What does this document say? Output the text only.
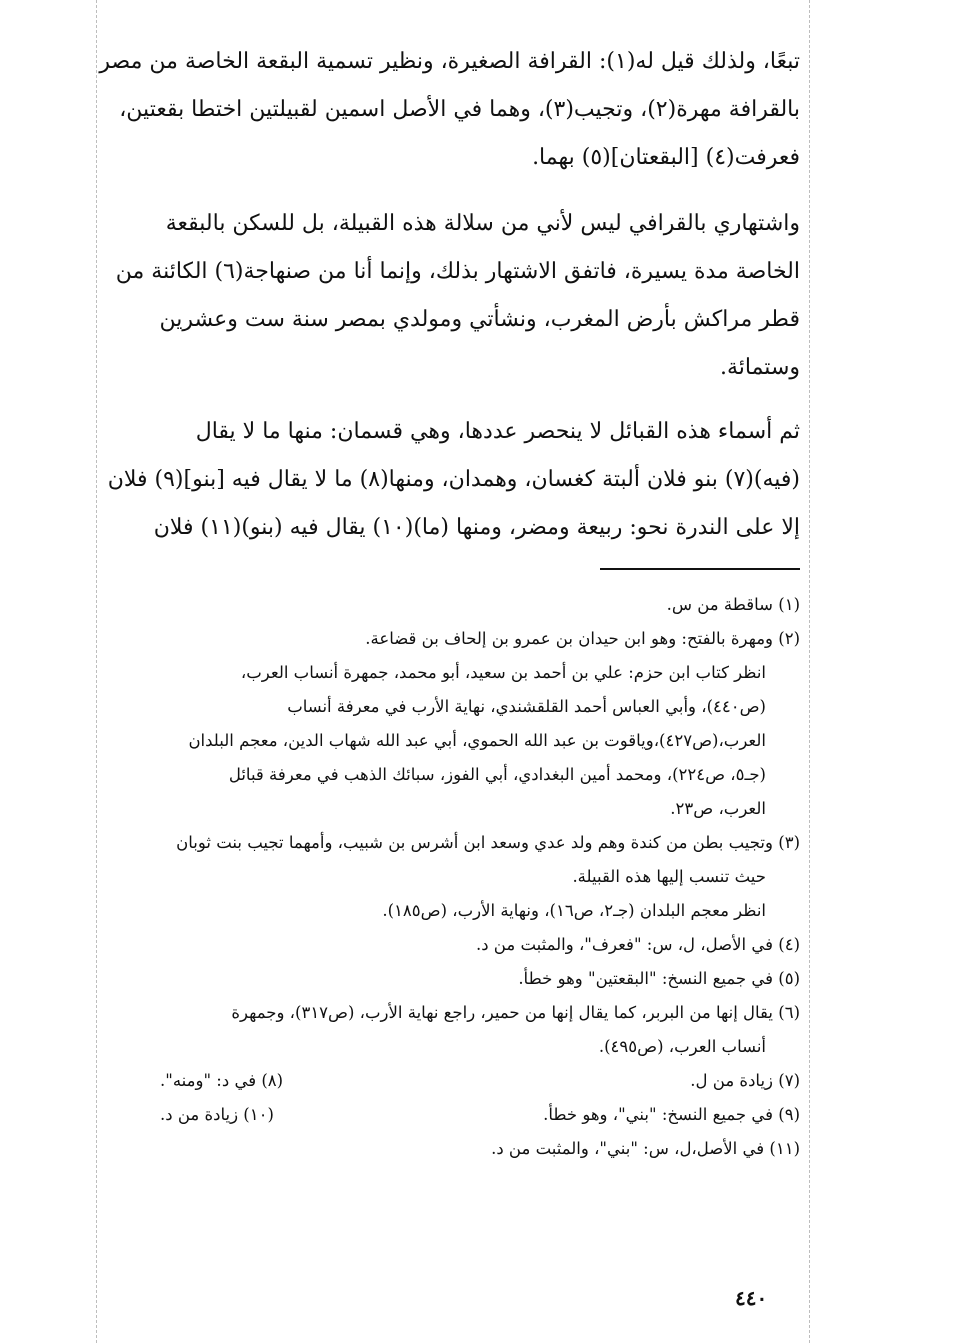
تبعًا، ولذلك قيل له(١): القرافة الصغيرة، ونظير تسمية البقعة الخاصة من مصر

بالقرافة مهرة(٢)، وتجيب(٣)، وهما في الأصل اسمين لقبيلتين اختطا بقعتين،

فعرفت(٤) [البقعتان](٥) بهما.

واشتهاري بالقرافي ليس لأني من سلالة هذه القبيلة، بل للسكن بالبقعة

الخاصة مدة يسيرة، فاتفق الاشتهار بذلك، وإنما أنا من صنهاجة(٦) الكائنة من

قطر مراكش بأرض المغرب، ونشأتي ومولدي بمصر سنة ست وعشرين

وستمائة.

ثم أسماء هذه القبائل لا ينحصر عددها، وهي قسمان: منها ما لا يقال

(فيه)(٧) بنو فلان ألبتة كغسان، وهمدان، ومنها(٨) ما لا يقال فيه [بنو](٩) فلان

إلا على الندرة نحو: ربيعة ومضر، ومنها (ما)(١٠) يقال فيه (بنو)(١١) فلان

(١) ساقطة من س.

(٢) ومهرة بالفتح: وهو ابن حيدان بن عمرو بن إلحاف بن قضاعة.

انظر كتاب ابن حزم: علي بن أحمد بن سعيد، أبو محمد، جمهرة أنساب العرب،

(ص٤٤٠)، وأبي العباس أحمد القلقشندي، نهاية الأرب في معرفة أنساب

العرب،(ص٤٢٧)،وياقوت بن عبد الله الحموي، أبي عبد الله شهاب الدين، معجم البلدان

(جـ٥، ص٢٢٤)، ومحمد أمين البغدادي، أبي الفوز، سبائك الذهب في معرفة قبائل

العرب، ص٢٣.

(٣) وتجيب بطن من كندة وهم ولد عدي وسعد ابن أشرس بن شبيب، وأمهما تجيب بنت ثوبان

حيث تنسب إليها هذه القبيلة.

انظر معجم البلدان (جـ٢، ص١٦)، ونهاية الأرب، (ص١٨٥).

(٤) في الأصل، ل، س: "فعرف"، والمثبت من د.

(٥) في جميع النسخ: "البقعتين" وهو خطأ.

(٦) يقال إنها من البربر، كما يقال إنها من حمير، راجع نهاية الأرب، (ص٣١٧)، وجمهرة

أنساب العرب، (ص٤٩٥).

(٧) زيادة من ل.
(٨) في د: "ومنه".
(٩) في جميع النسخ: "بني"، وهو خطأ.
(١٠) زيادة من د.

(١١) في الأصل،ل، س: "بني"، والمثبت من د.

٤٤٠
